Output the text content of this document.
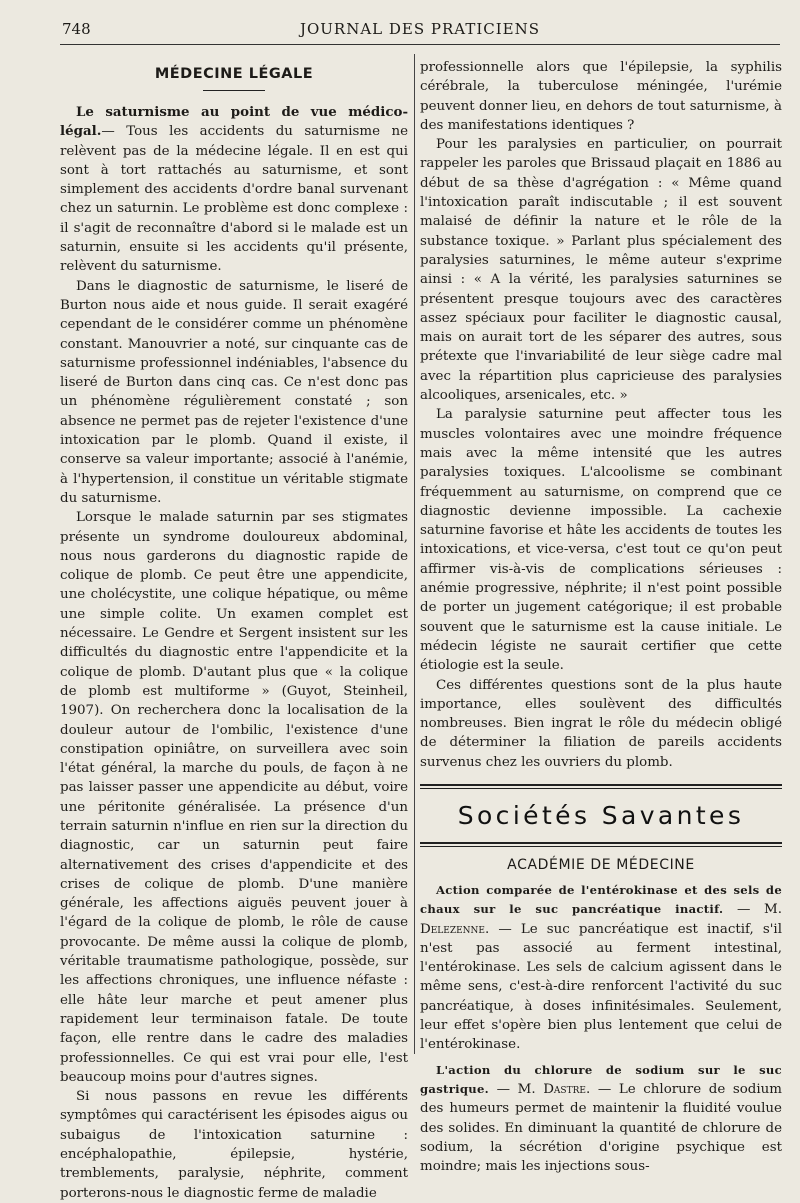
748	JOURNAL DES PRATICIENS
MÉDECINE LÉGALE

Le saturnisme au point de vue médico-légal.— Tous les accidents du saturnisme ne relèvent pas de la médecine légale. Il en est qui sont à tort rattachés au saturnisme, et sont simplement des accidents d'ordre banal survenant chez un saturnin. Le problème est donc complexe : il s'agit de reconnaître d'abord si le malade est un saturnin, ensuite si les accidents qu'il présente, relèvent du saturnisme.

Dans le diagnostic de saturnisme, le liseré de Burton nous aide et nous guide. Il serait exagéré cependant de le considérer comme un phénomène constant. Manouvrier a noté, sur cinquante cas de saturnisme professionnel indéniables, l'absence du liseré de Burton dans cinq cas. Ce n'est donc pas un phénomène régulièrement constaté ; son absence ne permet pas de rejeter l'existence d'une intoxication par le plomb. Quand il existe, il conserve sa valeur importante; associé à l'anémie, à l'hypertension, il constitue un véritable stigmate du saturnisme.

Lorsque le malade saturnin par ses stigmates présente un syndrome douloureux abdominal, nous nous garderons du diagnostic rapide de colique de plomb. Ce peut être une appendicite, une cholécystite, une colique hépatique, ou même une simple colite. Un examen complet est nécessaire. Le Gendre et Sergent insistent sur les difficultés du diagnostic entre l'appendicite et la colique de plomb. D'autant plus que « la colique de plomb est multiforme » (Guyot, Steinheil, 1907). On recherchera donc la localisation de la douleur autour de l'ombilic, l'existence d'une constipation opiniâtre, on surveillera avec soin l'état général, la marche du pouls, de façon à ne pas laisser passer une appendicite au début, voire une péritonite généralisée. La présence d'un terrain saturnin n'influe en rien sur la direction du diagnostic, car un saturnin peut faire alternativement des crises d'appendicite et des crises de colique de plomb. D'une manière générale, les affections aiguës peuvent jouer à l'égard de la colique de plomb, le rôle de cause provocante. De même aussi la colique de plomb, véritable traumatisme pathologique, possède, sur les affections chroniques, une influence néfaste : elle hâte leur marche et peut amener plus rapidement leur terminaison fatale. De toute façon, elle rentre dans le cadre des maladies professionnelles. Ce qui est vrai pour elle, l'est beaucoup moins pour d'autres signes.

Si nous passons en revue les différents symptômes qui caractérisent les épisodes aigus ou subaigus de l'intoxication saturnine : encéphalopathie, épilepsie, hystérie, tremblements, paralysie, néphrite, comment porterons-nous le diagnostic ferme de maladie

professionnelle alors que l'épilepsie, la syphilis cérébrale, la tuberculose méningée, l'urémie peuvent donner lieu, en dehors de tout saturnisme, à des manifestations identiques ?

Pour les paralysies en particulier, on pourrait rappeler les paroles que Brissaud plaçait en 1886 au début de sa thèse d'agrégation : « Même quand l'intoxication paraît indiscutable ; il est souvent malaisé de définir la nature et le rôle de la substance toxique. » Parlant plus spécialement des paralysies saturnines, le même auteur s'exprime ainsi : « A la vérité, les paralysies saturnines se présentent presque toujours avec des caractères assez spéciaux pour faciliter le diagnostic causal, mais on aurait tort de les séparer des autres, sous prétexte que l'invariabilité de leur siège cadre mal avec la répartition plus capricieuse des paralysies alcooliques, arsenicales, etc. »

La paralysie saturnine peut affecter tous les muscles volontaires avec une moindre fréquence mais avec la même intensité que les autres paralysies toxiques. L'alcoolisme se combinant fréquemment au saturnisme, on comprend que ce diagnostic devienne impossible. La cachexie saturnine favorise et hâte les accidents de toutes les intoxications, et vice-versa, c'est tout ce qu'on peut affirmer vis-à-vis de complications sérieuses : anémie progressive, néphrite; il n'est point possible de porter un jugement catégorique; il est probable souvent que le saturnisme est la cause initiale. Le médecin légiste ne saurait certifier que cette étiologie est la seule.

Ces différentes questions sont de la plus haute importance, elles soulèvent des difficultés nombreuses. Bien ingrat le rôle du médecin obligé de déterminer la filiation de pareils accidents survenus chez les ouvriers du plomb.

Sociétés Savantes
ACADÉMIE DE MÉDECINE

Action comparée de l'entérokinase et des sels de chaux sur le suc pancréatique inactif. — M. Delezenne. — Le suc pancréatique est inactif, s'il n'est pas associé au ferment intestinal, l'entérokinase. Les sels de calcium agissent dans le même sens, c'est-à-dire renforcent l'activité du suc pancréatique, à doses infinitésimales. Seulement, leur effet s'opère bien plus lentement que celui de l'entérokinase.

L'action du chlorure de sodium sur le suc gastrique. — M. Dastre. — Le chlorure de sodium des humeurs permet de maintenir la fluidité voulue des solides. En diminuant la quantité de chlorure de sodium, la sécrétion d'origine psychique est moindre; mais les injections sous-
